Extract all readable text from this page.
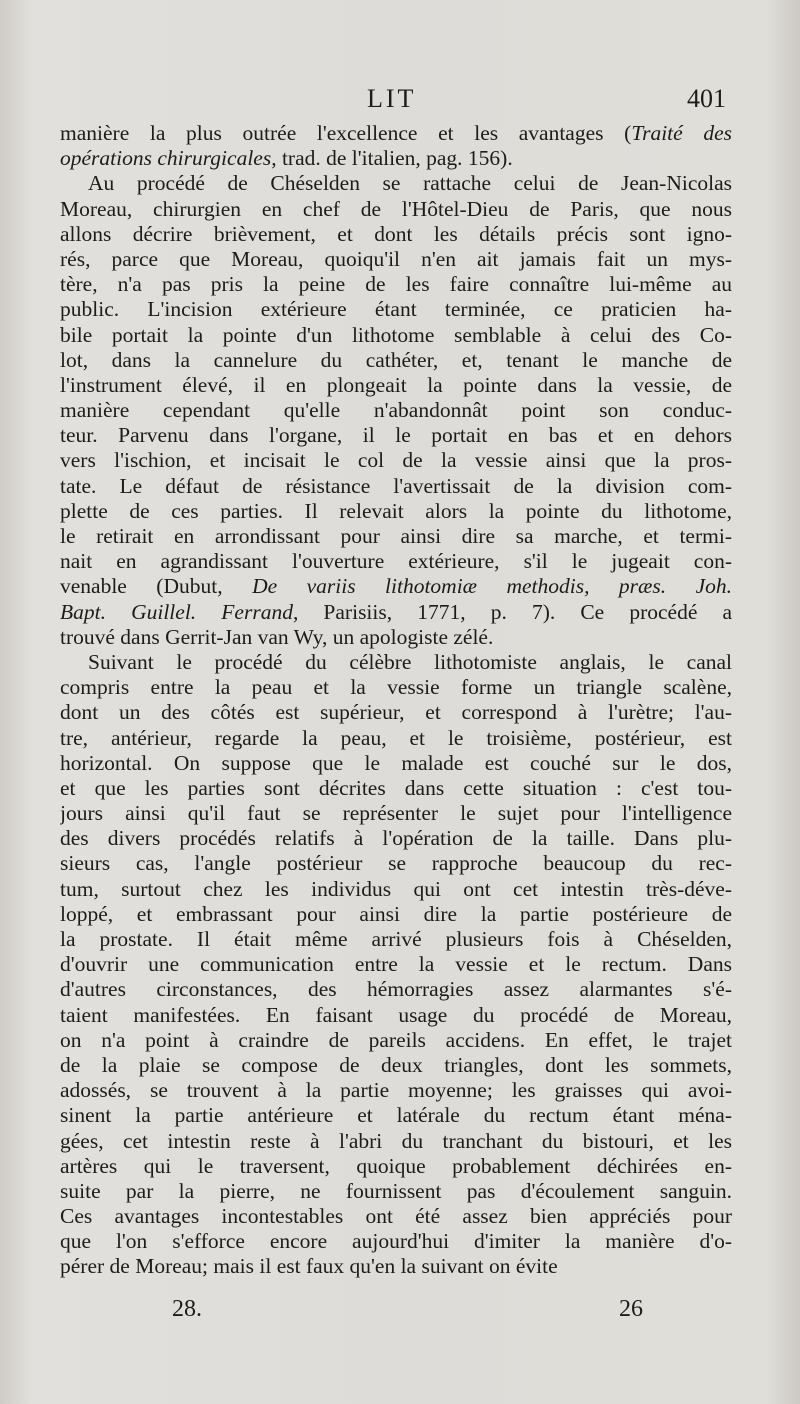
LIT	401
manière la plus outrée l'excellence et les avantages (Traité des
opérations chirurgicales, trad. de l'italien, pag. 156).
Au procédé de Chéselden se rattache celui de Jean-Nicolas
Moreau, chirurgien en chef de l'Hôtel-Dieu de Paris, que nous
allons décrire brièvement, et dont les détails précis sont igno-
rés, parce que Moreau, quoiqu'il n'en ait jamais fait un mys-
tère, n'a pas pris la peine de les faire connaître lui-même au
public. L'incision extérieure étant terminée, ce praticien ha-
bile portait la pointe d'un lithotome semblable à celui des Co-
lot, dans la cannelure du cathéter, et, tenant le manche de
l'instrument élevé, il en plongeait la pointe dans la vessie, de
manière cependant qu'elle n'abandonnât point son conduc-
teur. Parvenu dans l'organe, il le portait en bas et en dehors
vers l'ischion, et incisait le col de la vessie ainsi que la pros-
tate. Le défaut de résistance l'avertissait de la division com-
plette de ces parties. Il relevait alors la pointe du lithotome,
le retirait en arrondissant pour ainsi dire sa marche, et termi-
nait en agrandissant l'ouverture extérieure, s'il le jugeait con-
venable (Dubut, De variis lithotomiæ methodis, præs. Joh.
Bapt. Guillel. Ferrand, Parisiis, 1771, p. 7). Ce procédé a
trouvé dans Gerrit-Jan van Wy, un apologiste zélé.
Suivant le procédé du célèbre lithotomiste anglais, le canal
compris entre la peau et la vessie forme un triangle scalène,
dont un des côtés est supérieur, et correspond à l'urètre; l'au-
tre, antérieur, regarde la peau, et le troisième, postérieur, est
horizontal. On suppose que le malade est couché sur le dos,
et que les parties sont décrites dans cette situation : c'est tou-
jours ainsi qu'il faut se représenter le sujet pour l'intelligence
des divers procédés relatifs à l'opération de la taille. Dans plu-
sieurs cas, l'angle postérieur se rapproche beaucoup du rec-
tum, surtout chez les individus qui ont cet intestin très-déve-
loppé, et embrassant pour ainsi dire la partie postérieure de
la prostate. Il était même arrivé plusieurs fois à Chéselden,
d'ouvrir une communication entre la vessie et le rectum. Dans
d'autres circonstances, des hémorragies assez alarmantes s'é-
taient manifestées. En faisant usage du procédé de Moreau,
on n'a point à craindre de pareils accidens. En effet, le trajet
de la plaie se compose de deux triangles, dont les sommets,
adossés, se trouvent à la partie moyenne; les graisses qui avoi-
sinent la partie antérieure et latérale du rectum étant ména-
gées, cet intestin reste à l'abri du tranchant du bistouri, et les
artères qui le traversent, quoique probablement déchirées en-
suite par la pierre, ne fournissent pas d'écoulement sanguin.
Ces avantages incontestables ont été assez bien appréciés pour
que l'on s'efforce encore aujourd'hui d'imiter la manière d'o-
pérer de Moreau; mais il est faux qu'en la suivant on évite
28.	26
